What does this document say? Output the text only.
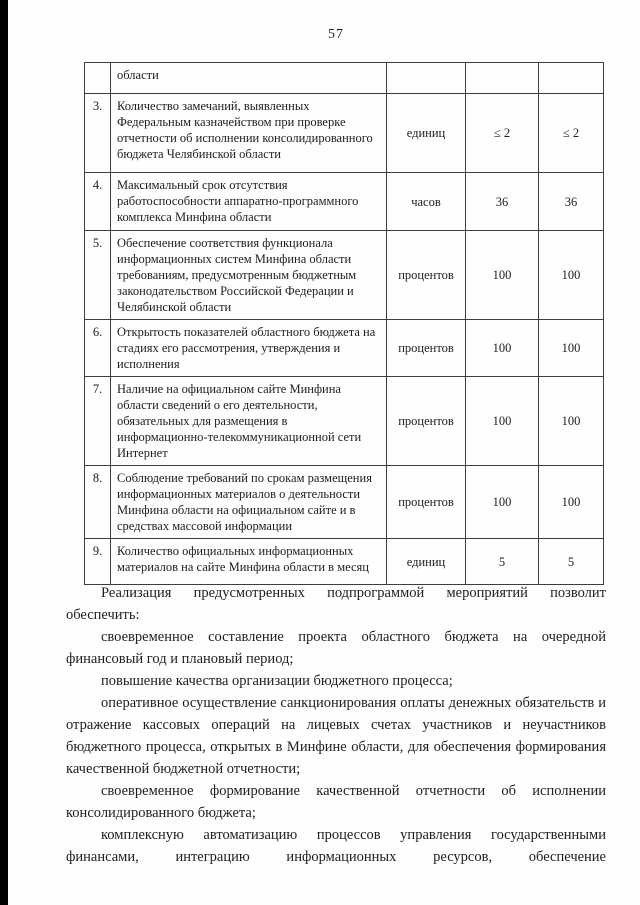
57
	области			
3.	Количество замечаний, выявленных Федеральным казначейством при проверке отчетности об исполнении консолидированного бюджета Челябинской области	единиц	≤ 2	≤ 2
4.	Максимальный срок отсутствия работоспособности аппаратно-программного комплекса Минфина области	часов	36	36
5.	Обеспечение соответствия функционала информационных систем Минфина области требованиям, предусмотренным бюджетным законодательством Российской Федерации и Челябинской области	процентов	100	100
6.	Открытость показателей областного бюджета на стадиях его рассмотрения, утверждения и исполнения	процентов	100	100
7.	Наличие на официальном сайте Минфина области сведений о его деятельности, обязательных для размещения в информационно-телекоммуникационной сети Интернет	процентов	100	100
8.	Соблюдение требований по срокам размещения информационных материалов о деятельности Минфина области на официальном сайте и в средствах массовой информации	процентов	100	100
9.	Количество официальных информационных материалов на сайте Минфина области в месяц	единиц	5	5

Реализация предусмотренных подпрограммой мероприятий позволит обеспечить:

своевременное составление проекта областного бюджета на очередной финансовый год и плановый период;

повышение качества организации бюджетного процесса;

оперативное осуществление санкционирования оплаты денежных обязательств и отражение кассовых операций на лицевых счетах участников и неучастников бюджетного процесса, открытых в Минфине области, для обеспечения формирования качественной бюджетной отчетности;

своевременное формирование качественной отчетности об исполнении консолидированного бюджета;

комплексную автоматизацию процессов управления государственными финансами, интеграцию информационных ресурсов, обеспечение
